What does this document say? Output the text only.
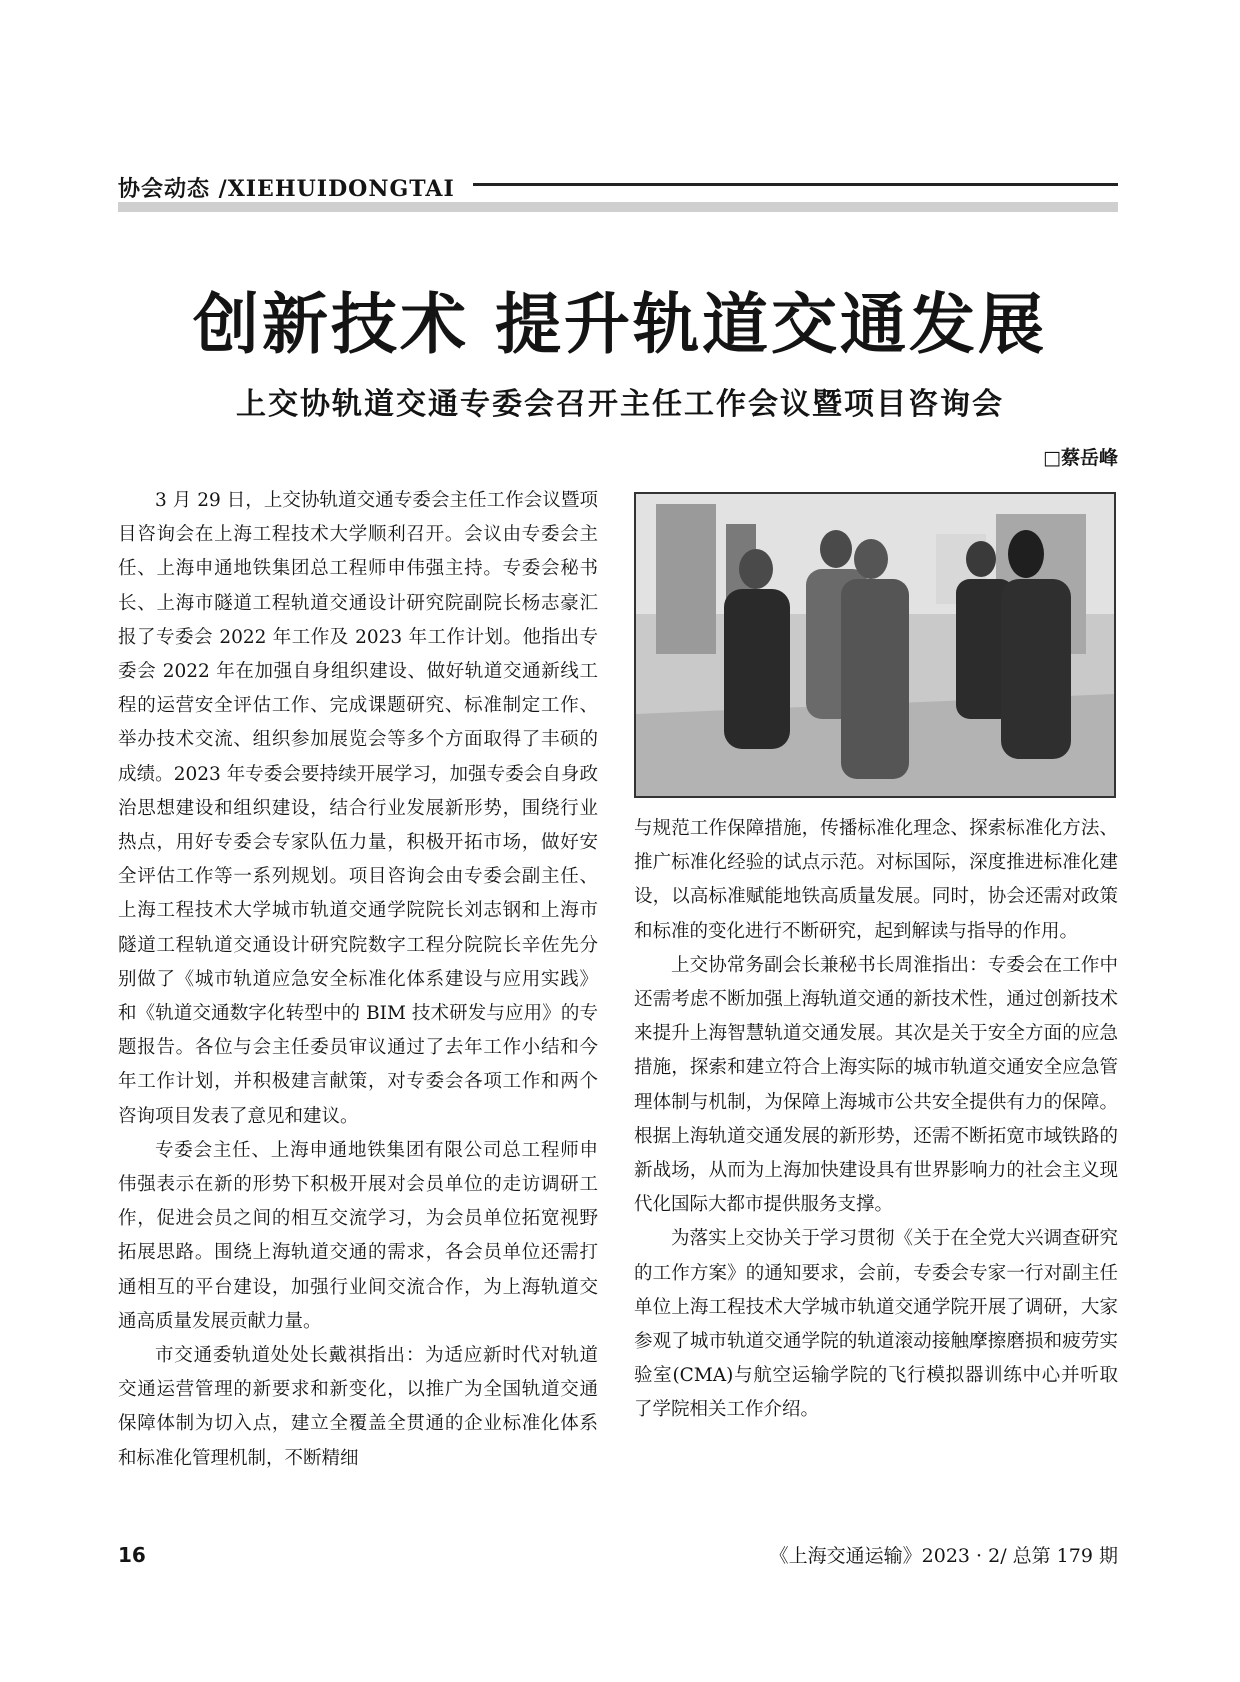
协会动态 /XIEHUIDONGTAI
创新技术 提升轨道交通发展
上交协轨道交通专委会召开主任工作会议暨项目咨询会
□蔡岳峰

3 月 29 日，上交协轨道交通专委会主任工作会议暨项目咨询会在上海工程技术大学顺利召开。会议由专委会主任、上海申通地铁集团总工程师申伟强主持。专委会秘书长、上海市隧道工程轨道交通设计研究院副院长杨志豪汇报了专委会 2022 年工作及 2023 年工作计划。他指出专委会 2022 年在加强自身组织建设、做好轨道交通新线工程的运营安全评估工作、完成课题研究、标准制定工作、举办技术交流、组织参加展览会等多个方面取得了丰硕的成绩。2023 年专委会要持续开展学习，加强专委会自身政治思想建设和组织建设，结合行业发展新形势，围绕行业热点，用好专委会专家队伍力量，积极开拓市场，做好安全评估工作等一系列规划。项目咨询会由专委会副主任、上海工程技术大学城市轨道交通学院院长刘志钢和上海市隧道工程轨道交通设计研究院数字工程分院院长辛佐先分别做了《城市轨道应急安全标准化体系建设与应用实践》和《轨道交通数字化转型中的 BIM 技术研发与应用》的专题报告。各位与会主任委员审议通过了去年工作小结和今年工作计划，并积极建言献策，对专委会各项工作和两个咨询项目发表了意见和建议。

专委会主任、上海申通地铁集团有限公司总工程师申伟强表示在新的形势下积极开展对会员单位的走访调研工作，促进会员之间的相互交流学习，为会员单位拓宽视野拓展思路。围绕上海轨道交通的需求，各会员单位还需打通相互的平台建设，加强行业间交流合作，为上海轨道交通高质量发展贡献力量。

市交通委轨道处处长戴祺指出：为适应新时代对轨道交通运营管理的新要求和新变化，以推广为全国轨道交通保障体制为切入点，建立全覆盖全贯通的企业标准化体系和标准化管理机制，不断精细

与规范工作保障措施，传播标准化理念、探索标准化方法、推广标准化经验的试点示范。对标国际，深度推进标准化建设，以高标准赋能地铁高质量发展。同时，协会还需对政策和标准的变化进行不断研究，起到解读与指导的作用。

上交协常务副会长兼秘书长周淮指出：专委会在工作中还需考虑不断加强上海轨道交通的新技术性，通过创新技术来提升上海智慧轨道交通发展。其次是关于安全方面的应急措施，探索和建立符合上海实际的城市轨道交通安全应急管理体制与机制，为保障上海城市公共安全提供有力的保障。根据上海轨道交通发展的新形势，还需不断拓宽市域铁路的新战场，从而为上海加快建设具有世界影响力的社会主义现代化国际大都市提供服务支撑。

为落实上交协关于学习贯彻《关于在全党大兴调查研究的工作方案》的通知要求，会前，专委会专家一行对副主任单位上海工程技术大学城市轨道交通学院开展了调研，大家参观了城市轨道交通学院的轨道滚动接触摩擦磨损和疲劳实验室(CMA)与航空运输学院的飞行模拟器训练中心并听取了学院相关工作介绍。

16	《上海交通运输》2023 · 2/ 总第 179 期
